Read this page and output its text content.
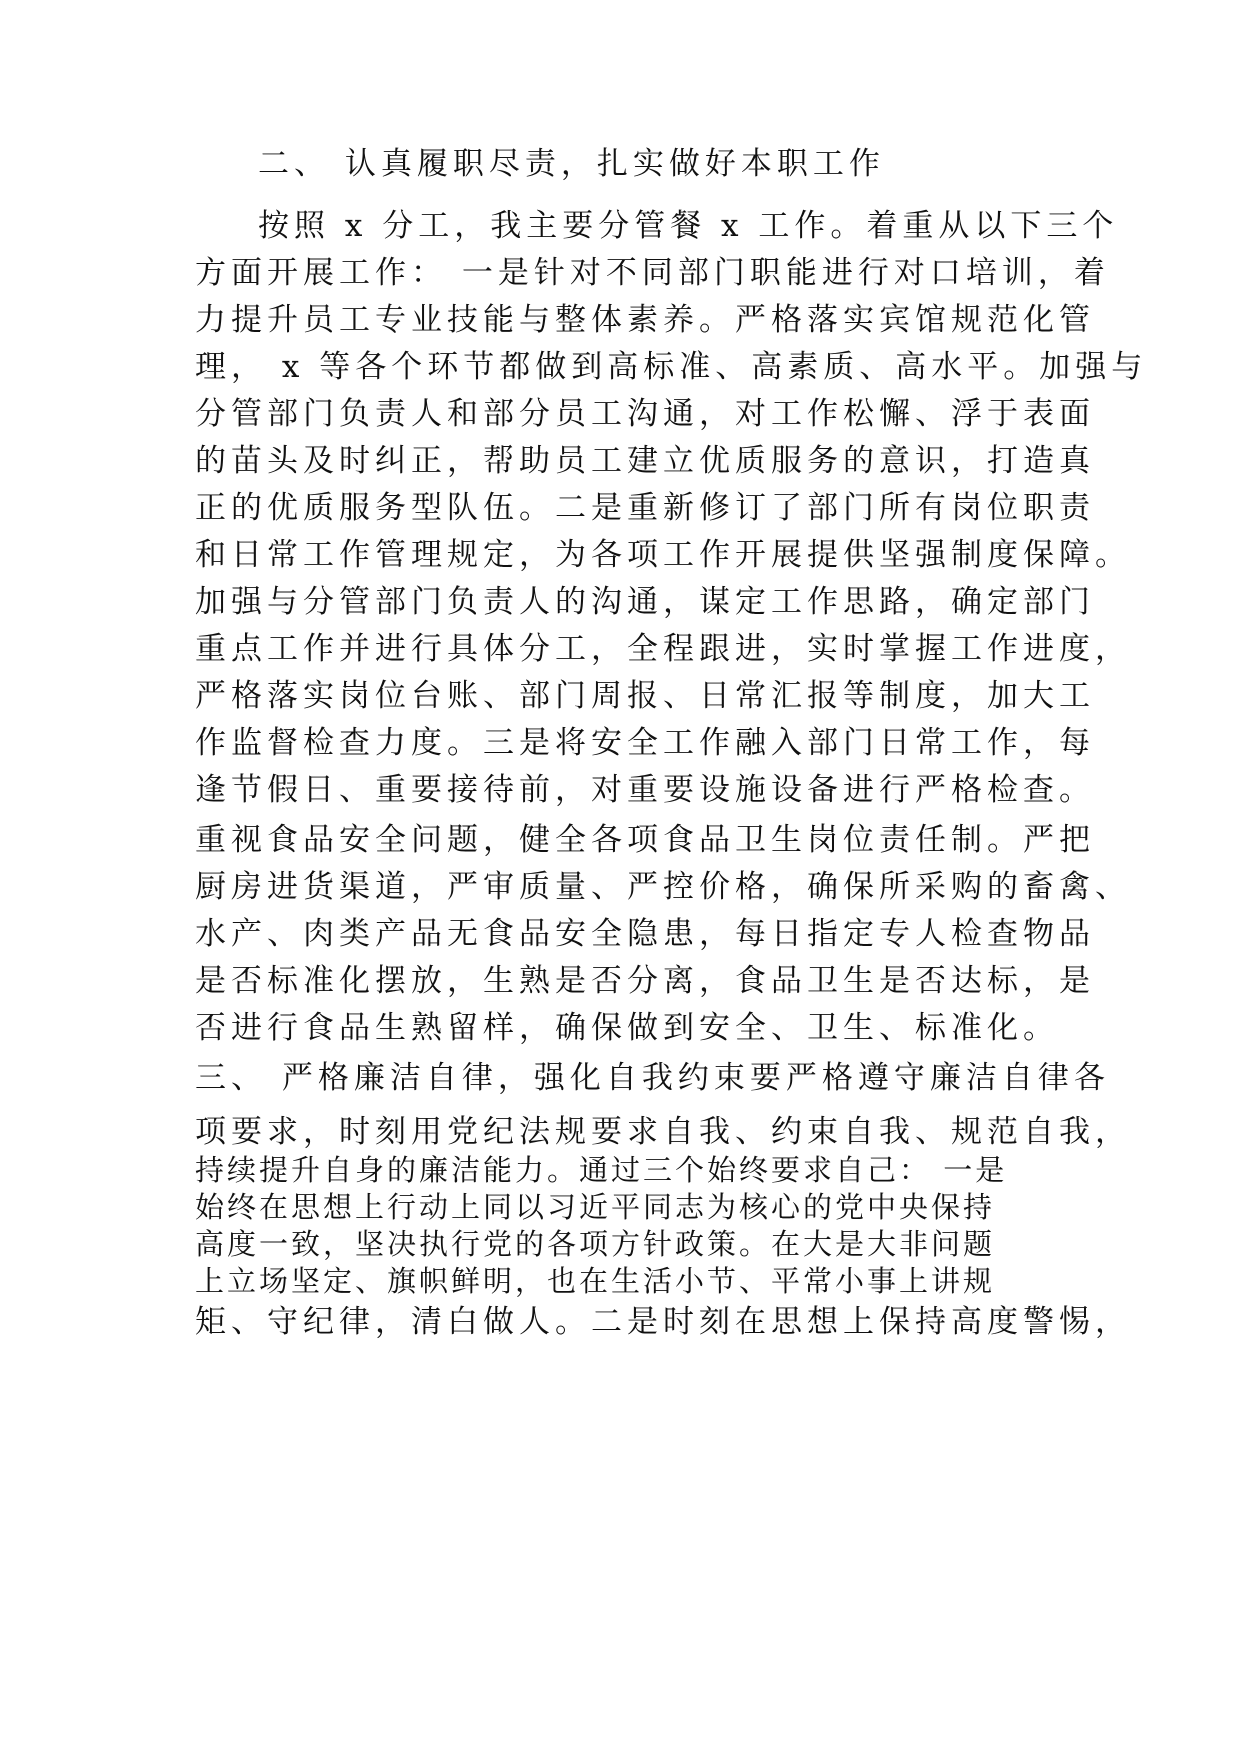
二、 认真履职尽责，扎实做好本职工作

按照 x 分工，我主要分管餐 x 工作。着重从以下三个

方面开展工作： 一是针对不同部门职能进行对口培训，着

力提升员工专业技能与整体素养。严格落实宾馆规范化管

理， x 等各个环节都做到高标准、高素质、高水平。加强与

分管部门负责人和部分员工沟通，对工作松懈、浮于表面

的苗头及时纠正，帮助员工建立优质服务的意识，打造真

正的优质服务型队伍。二是重新修订了部门所有岗位职责

和日常工作管理规定，为各项工作开展提供坚强制度保障。

加强与分管部门负责人的沟通，谋定工作思路，确定部门

重点工作并进行具体分工，全程跟进，实时掌握工作进度，

严格落实岗位台账、部门周报、日常汇报等制度，加大工

作监督检查力度。三是将安全工作融入部门日常工作，每

逢节假日、重要接待前，对重要设施设备进行严格检查。

重视食品安全问题，健全各项食品卫生岗位责任制。严把

厨房进货渠道，严审质量、严控价格，确保所采购的畜禽、

水产、肉类产品无食品安全隐患，每日指定专人检查物品

是否标准化摆放，生熟是否分离，食品卫生是否达标，是

否进行食品生熟留样，确保做到安全、卫生、标准化。

三、 严格廉洁自律，强化自我约束要严格遵守廉洁自律各

项要求，时刻用党纪法规要求自我、约束自我、规范自我，

持续提升自身的廉洁能力。通过三个始终要求自己： 一是

始终在思想上行动上同以习近平同志为核心的党中央保持

高度一致，坚决执行党的各项方针政策。在大是大非问题

上立场坚定、旗帜鲜明，也在生活小节、平常小事上讲规

矩、守纪律，清白做人。二是时刻在思想上保持高度警惕，
